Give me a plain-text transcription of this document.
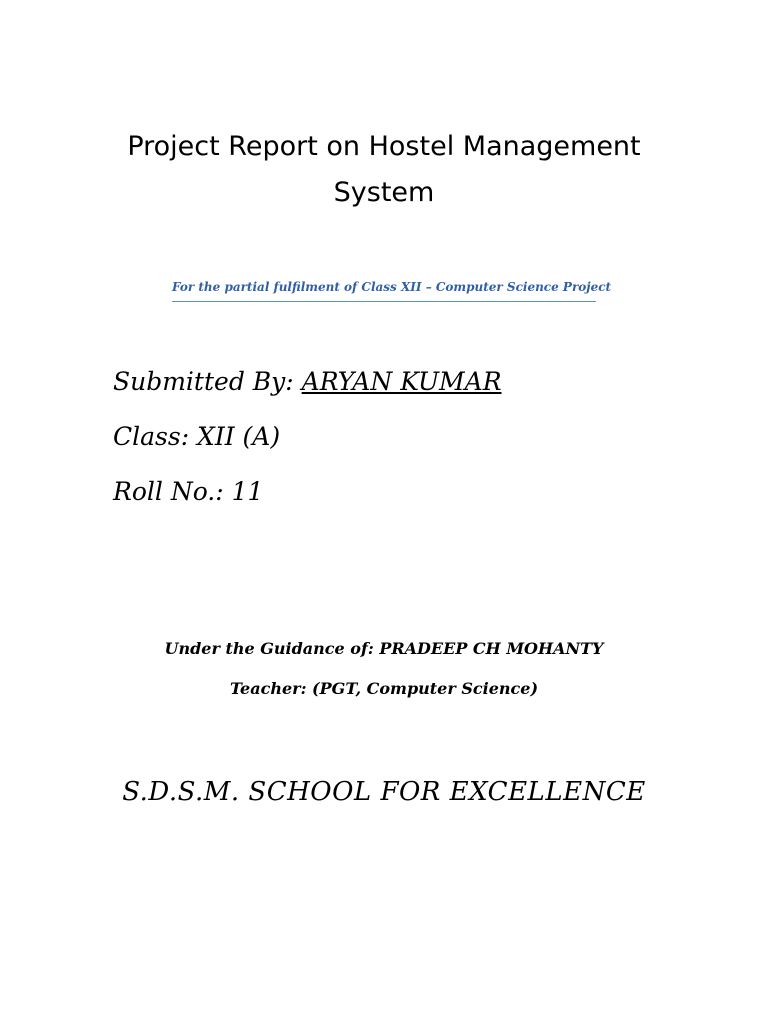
Project Report on Hostel Management
System
For the partial fulfilment of Class XII – Computer Science Project
Submitted By: ARYAN KUMAR
Class: XII (A)
Roll No.: 11
Under the Guidance of: PRADEEP CH MOHANTY
Teacher: (PGT, Computer Science)
S.D.S.M. SCHOOL FOR EXCELLENCE
